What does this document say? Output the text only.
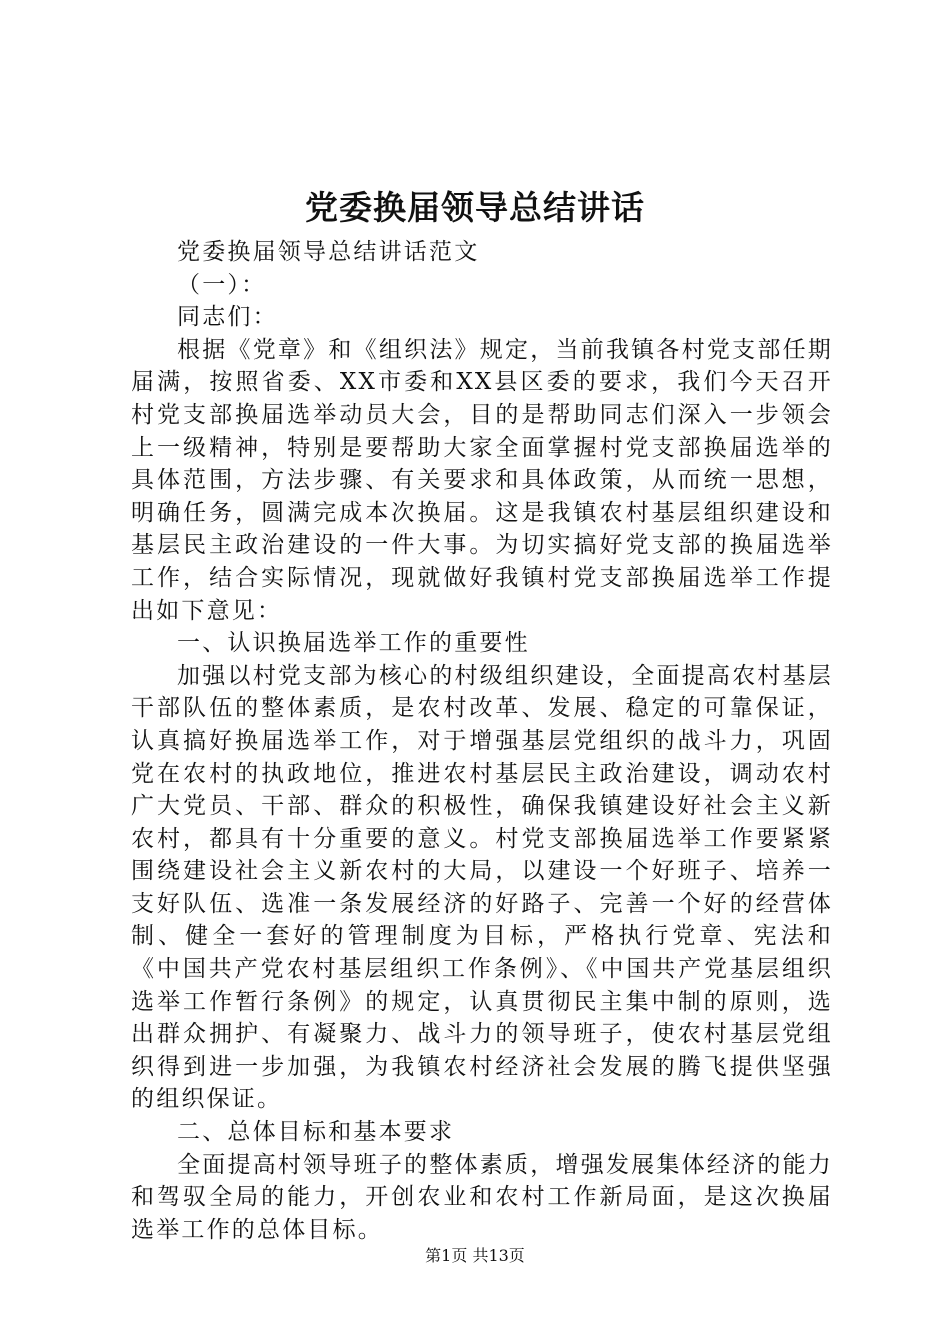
党委换届领导总结讲话

党委换届领导总结讲话范文

（一）：

同志们：

根据《党章》和《组织法》规定，当前我镇各村党支部任期届满，按照省委、XX市委和XX县区委的要求，我们今天召开村党支部换届选举动员大会，目的是帮助同志们深入一步领会上一级精神，特别是要帮助大家全面掌握村党支部换届选举的具体范围，方法步骤、有关要求和具体政策，从而统一思想，明确任务，圆满完成本次换届。这是我镇农村基层组织建设和基层民主政治建设的一件大事。为切实搞好党支部的换届选举工作，结合实际情况，现就做好我镇村党支部换届选举工作提出如下意见：

一、认识换届选举工作的重要性

加强以村党支部为核心的村级组织建设，全面提高农村基层干部队伍的整体素质，是农村改革、发展、稳定的可靠保证，认真搞好换届选举工作，对于增强基层党组织的战斗力，巩固党在农村的执政地位，推进农村基层民主政治建设，调动农村广大党员、干部、群众的积极性，确保我镇建设好社会主义新农村，都具有十分重要的意义。村党支部换届选举工作要紧紧围绕建设社会主义新农村的大局，以建设一个好班子、培养一支好队伍、选准一条发展经济的好路子、完善一个好的经营体制、健全一套好的管理制度为目标，严格执行党章、宪法和《中国共产党农村基层组织工作条例》、《中国共产党基层组织选举工作暂行条例》的规定，认真贯彻民主集中制的原则，选出群众拥护、有凝聚力、战斗力的领导班子，使农村基层党组织得到进一步加强，为我镇农村经济社会发展的腾飞提供坚强的组织保证。

二、总体目标和基本要求

全面提高村领导班子的整体素质，增强发展集体经济的能力和驾驭全局的能力，开创农业和农村工作新局面，是这次换届选举工作的总体目标。

第1页 共13页
